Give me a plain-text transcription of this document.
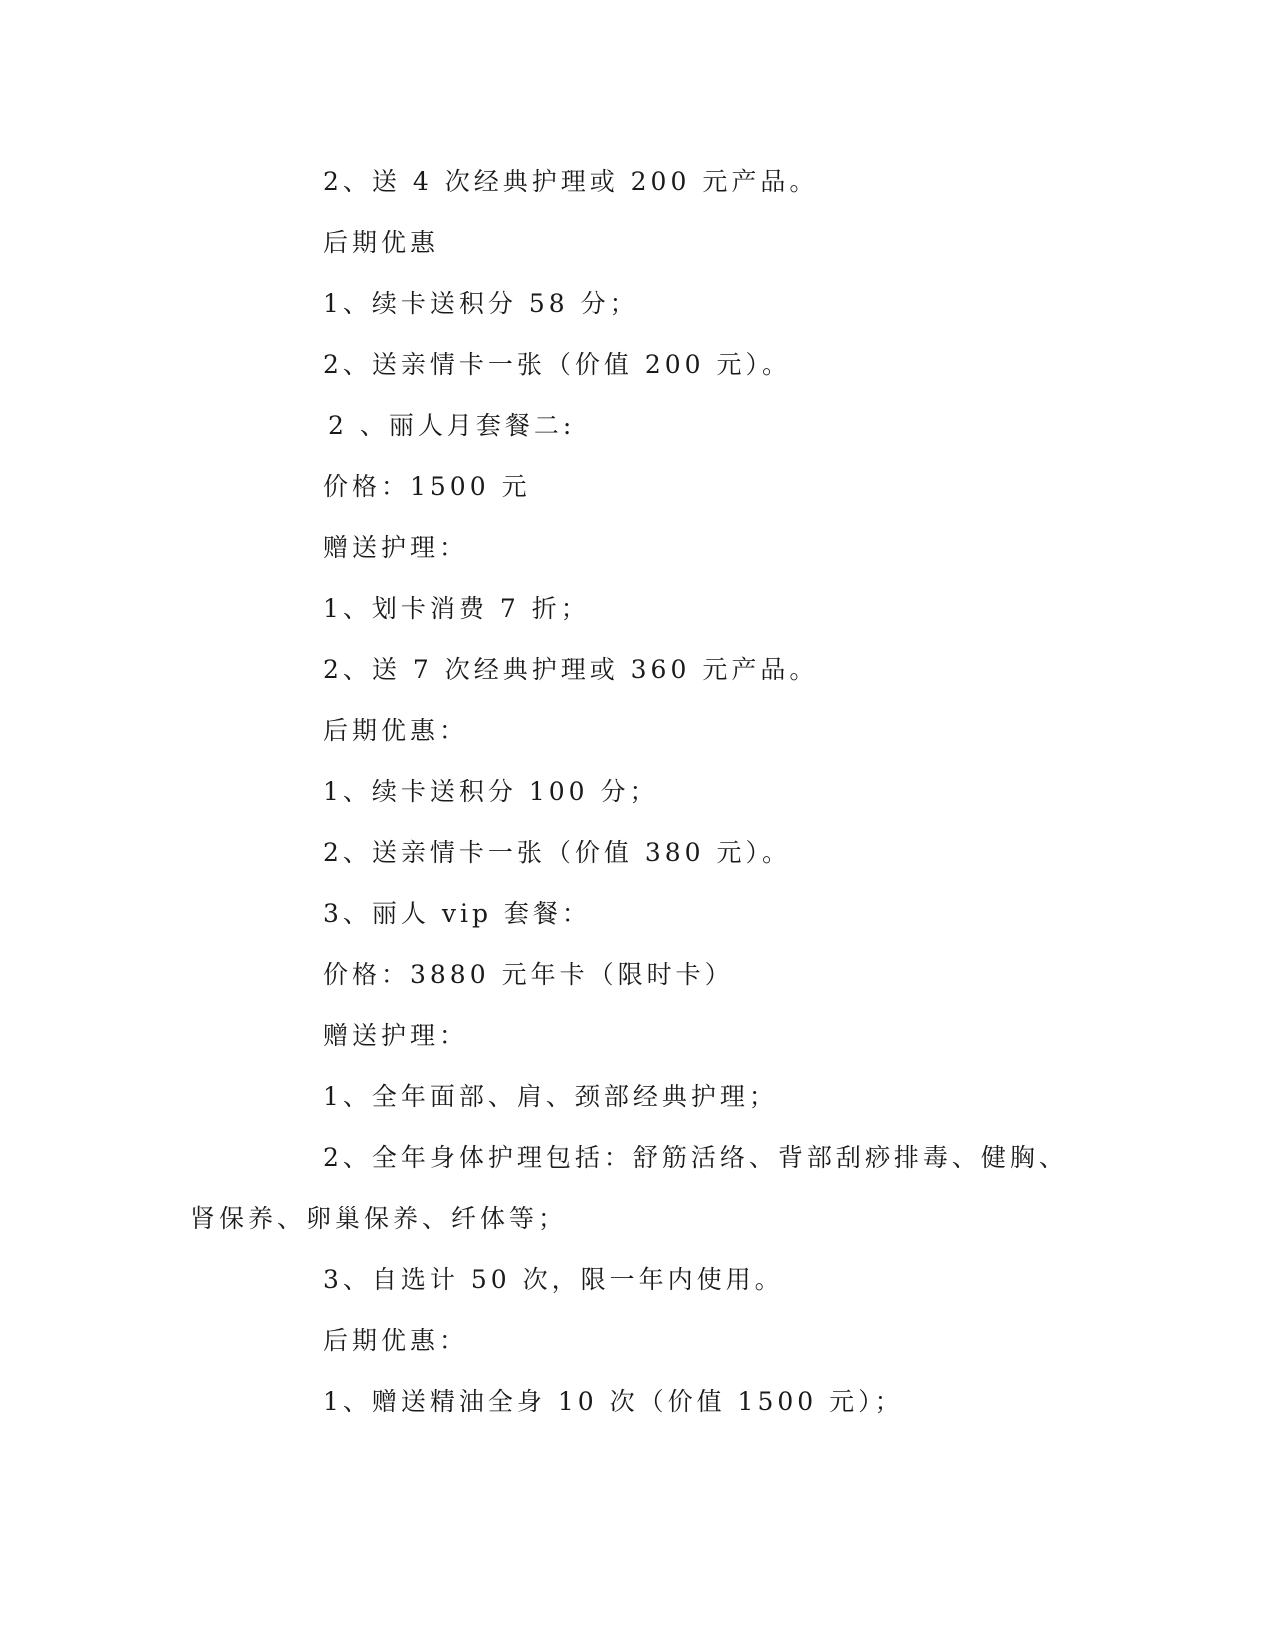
2、送 4 次经典护理或 200 元产品。
后期优惠
1、续卡送积分 58 分；
2、送亲情卡一张（价值 200 元）。
2 、丽人月套餐二:
价格：1500 元
赠送护理：
1、划卡消费 7 折；
2、送 7 次经典护理或 360 元产品。
后期优惠：
1、续卡送积分 100 分；
2、送亲情卡一张（价值 380 元）。
3、丽人 vip 套餐：
价格：3880 元年卡（限时卡）
赠送护理：
1、全年面部、肩、颈部经典护理；
2、全年身体护理包括：舒筋活络、背部刮痧排毒、健胸、
肾保养、卵巢保养、纤体等；
3、自选计 50 次，限一年内使用。
后期优惠：
1、赠送精油全身 10 次（价值 1500 元）；
